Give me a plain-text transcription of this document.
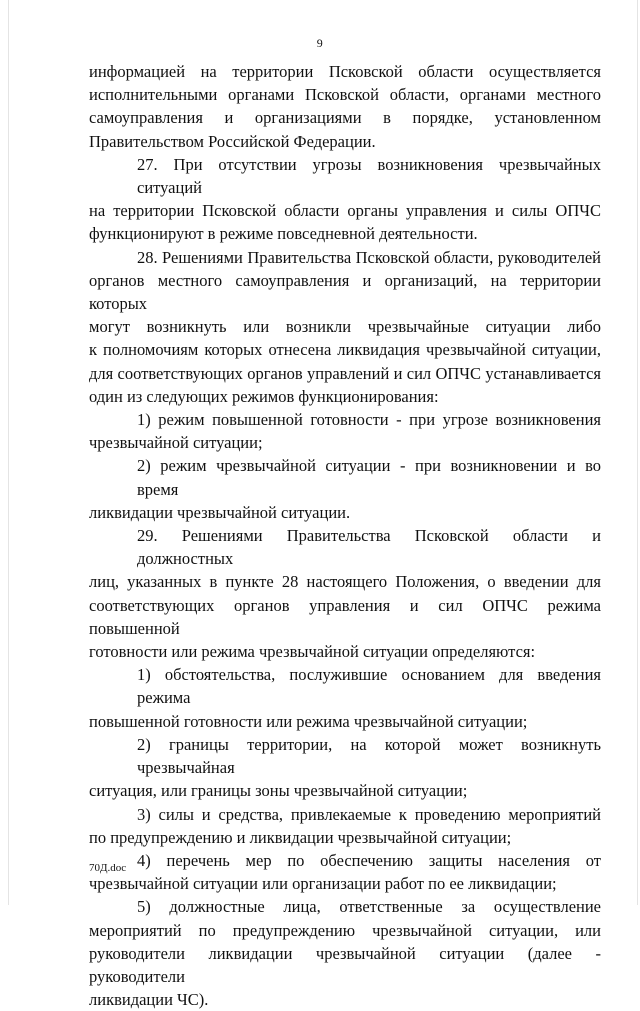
9
информацией на территории Псковской области осуществляется
исполнительными органами Псковской области, органами местного
самоуправления и организациями в порядке, установленном
Правительством Российской Федерации.
27. При отсутствии угрозы возникновения чрезвычайных ситуаций
на территории Псковской области органы управления и силы ОПЧС
функционируют в режиме повседневной деятельности.
28. Решениями Правительства Псковской области, руководителей
органов местного самоуправления и организаций, на территории которых
могут возникнуть или возникли чрезвычайные ситуации либо
к полномочиям которых отнесена ликвидация чрезвычайной ситуации,
для соответствующих органов управлений и сил ОПЧС устанавливается
один из следующих режимов функционирования:
1) режим повышенной готовности - при угрозе возникновения
чрезвычайной ситуации;
2) режим чрезвычайной ситуации - при возникновении и во время
ликвидации чрезвычайной ситуации.
29. Решениями Правительства Псковской области и должностных
лиц, указанных в пункте 28 настоящего Положения, о введении для
соответствующих органов управления и сил ОПЧС режима повышенной
готовности или режима чрезвычайной ситуации определяются:
1) обстоятельства, послужившие основанием для введения режима
повышенной готовности или режима чрезвычайной ситуации;
2) границы территории, на которой может возникнуть чрезвычайная
ситуация, или границы зоны чрезвычайной ситуации;
3) силы и средства, привлекаемые к проведению мероприятий
по предупреждению и ликвидации чрезвычайной ситуации;
4) перечень мер по обеспечению защиты населения от
чрезвычайной ситуации или организации работ по ее ликвидации;
5) должностные лица, ответственные за осуществление
мероприятий по предупреждению чрезвычайной ситуации, или
руководители ликвидации чрезвычайной ситуации (далее - руководители
ликвидации ЧС).
70Д.doc
